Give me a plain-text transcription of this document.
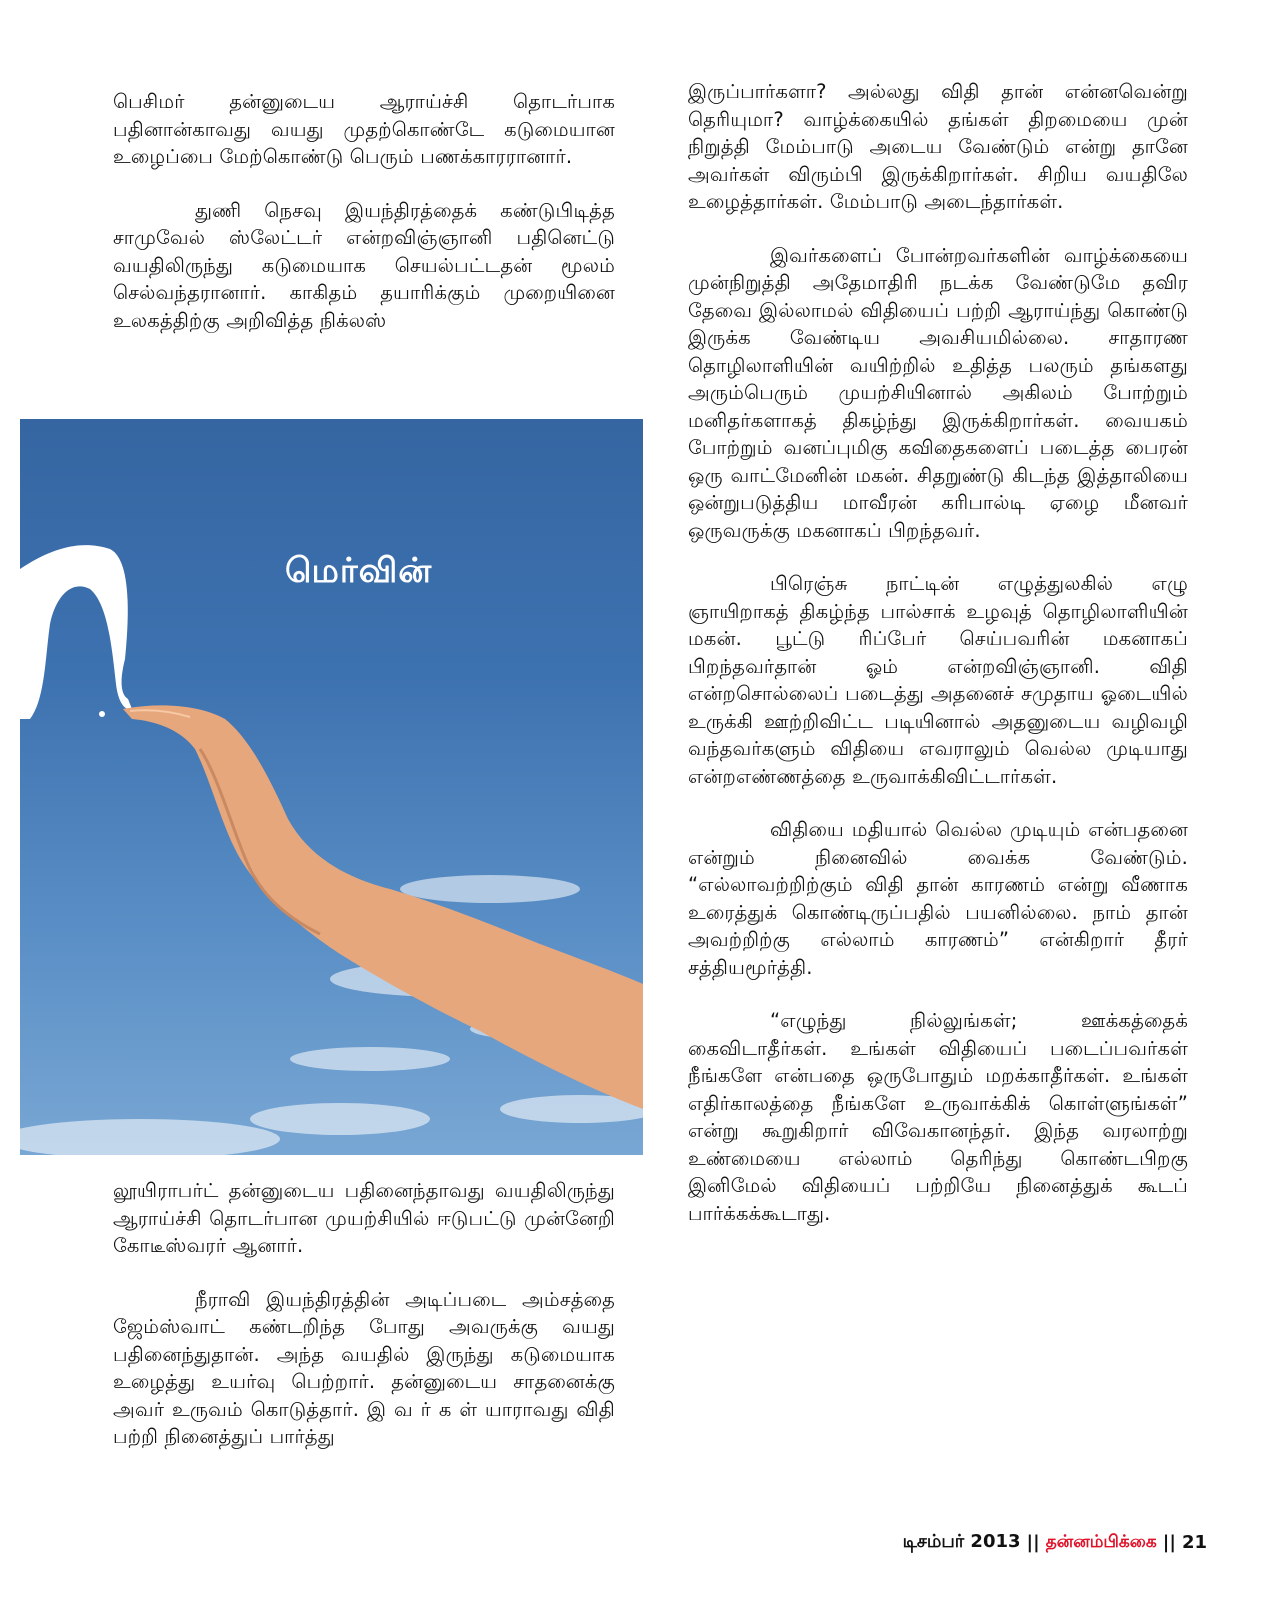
பெசிமர் தன்னுடைய ஆராய்ச்சி தொடர்பாக பதினான்காவது வயது முதற்கொண்டே கடுமையான உழைப்பை மேற்கொண்டு பெரும் பணக்காரரானார்.

துணி நெசவு இயந்திரத்தைக் கண்டுபிடித்த சாமுவேல் ஸ்லேட்டர் என்றவிஞ்ஞானி பதினெட்டு வயதிலிருந்து கடுமையாக செயல்பட்டதன் மூலம் செல்வந்தரானார். காகிதம் தயாரிக்கும் முறையினை உலகத்திற்கு அறிவித்த நிக்லஸ்

மெர்வின்

லூயிராபர்ட் தன்னுடைய பதினைந்தாவது வயதிலிருந்து ஆராய்ச்சி தொடர்பான முயற்சியில் ஈடுபட்டு முன்னேறி கோடீஸ்வரர் ஆனார்.

நீராவி இயந்திரத்தின் அடிப்படை அம்சத்தை ஜேம்ஸ்வாட் கண்டறிந்த போது அவருக்கு வயது பதினைந்துதான். அந்த வயதில் இருந்து கடுமையாக உழைத்து உயர்வு பெற்றார். தன்னுடைய சாதனைக்கு அவர் உருவம் கொடுத்தார். இ வ ர் க ள் யாராவது விதி பற்றி நினைத்துப் பார்த்து

இருப்பார்களா? அல்லது விதி தான் என்னவென்று தெரியுமா? வாழ்க்கையில் தங்கள் திறமையை முன் நிறுத்தி மேம்பாடு அடைய வேண்டும் என்று தானே அவர்கள் விரும்பி இருக்கிறார்கள். சிறிய வயதிலே உழைத்தார்கள். மேம்பாடு அடைந்தார்கள்.

இவர்களைப் போன்றவர்களின் வாழ்க்கையை முன்நிறுத்தி அதேமாதிரி நடக்க வேண்டுமே தவிர தேவை இல்லாமல் விதியைப் பற்றி ஆராய்ந்து கொண்டு இருக்க வேண்டிய அவசியமில்லை. சாதாரண தொழிலாளியின் வயிற்றில் உதித்த பலரும் தங்களது அரும்பெரும் முயற்சியினால் அகிலம் போற்றும் மனிதர்களாகத் திகழ்ந்து இருக்கிறார்கள். வையகம் போற்றும் வனப்புமிகு கவிதைகளைப் படைத்த பைரன் ஒரு வாட்மேனின் மகன். சிதறுண்டு கிடந்த இத்தாலியை ஒன்றுபடுத்திய மாவீரன் கரிபால்டி ஏழை மீனவர் ஒருவருக்கு மகனாகப் பிறந்தவர்.

பிரெஞ்சு நாட்டின் எழுத்துலகில் எழு ஞாயிறாகத் திகழ்ந்த பால்சாக் உழவுத் தொழிலாளியின் மகன். பூட்டு ரிப்பேர் செய்பவரின் மகனாகப் பிறந்தவர்தான் ஓம் என்றவிஞ்ஞானி. விதி என்றசொல்லைப் படைத்து அதனைச் சமுதாய ஓடையில் உருக்கி ஊற்றிவிட்ட படியினால் அதனுடைய வழிவழி வந்தவர்களும் விதியை எவராலும் வெல்ல முடியாது என்றஎண்ணத்தை உருவாக்கிவிட்டார்கள்.

விதியை மதியால் வெல்ல முடியும் என்பதனை என்றும் நினைவில் வைக்க வேண்டும். “எல்லாவற்றிற்கும் விதி தான் காரணம் என்று வீணாக உரைத்துக் கொண்டிருப்பதில் பயனில்லை. நாம் தான் அவற்றிற்கு எல்லாம் காரணம்” என்கிறார் தீரர் சத்தியமூர்த்தி.

“எழுந்து நில்லுங்கள்; ஊக்கத்தைக் கைவிடாதீர்கள். உங்கள் விதியைப் படைப்பவர்கள் நீங்களே என்பதை ஒருபோதும் மறக்காதீர்கள். உங்கள் எதிர்காலத்தை நீங்களே உருவாக்கிக் கொள்ளுங்கள்” என்று கூறுகிறார் விவேகானந்தர். இந்த வரலாற்று உண்மையை எல்லாம் தெரிந்து கொண்டபிறகு இனிமேல் விதியைப் பற்றியே நினைத்துக் கூடப் பார்க்கக்கூடாது.

டிசம்பர் 2013 || தன்னம்பிக்கை || 21
